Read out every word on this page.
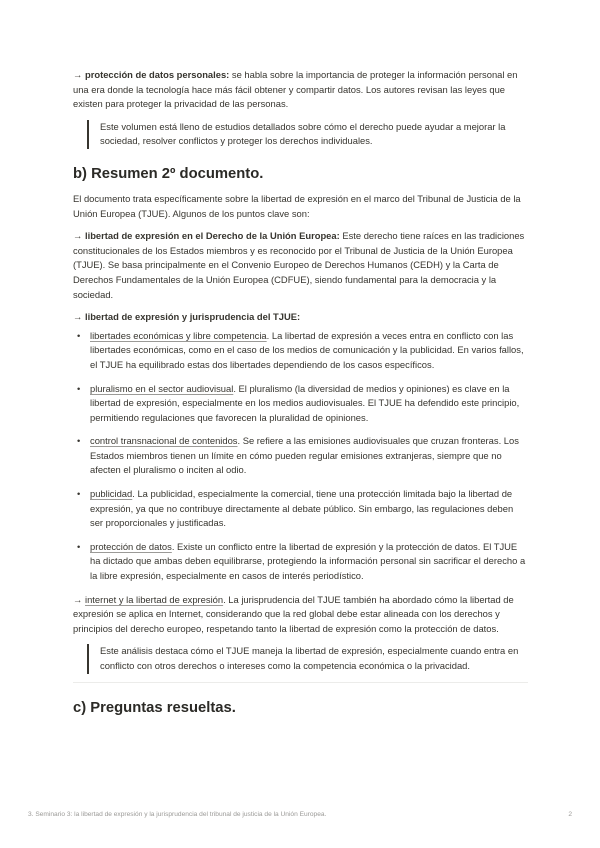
→ protección de datos personales: se habla sobre la importancia de proteger la información personal en una era donde la tecnología hace más fácil obtener y compartir datos. Los autores revisan las leyes que existen para proteger la privacidad de las personas.

Este volumen está lleno de estudios detallados sobre cómo el derecho puede ayudar a mejorar la sociedad, resolver conflictos y proteger los derechos individuales.

b) Resumen 2º documento.

El documento trata específicamente sobre la libertad de expresión en el marco del Tribunal de Justicia de la Unión Europea (TJUE). Algunos de los puntos clave son:

→ libertad de expresión en el Derecho de la Unión Europea: Este derecho tiene raíces en las tradiciones constitucionales de los Estados miembros y es reconocido por el Tribunal de Justicia de la Unión Europea (TJUE). Se basa principalmente en el Convenio Europeo de Derechos Humanos (CEDH) y la Carta de Derechos Fundamentales de la Unión Europea (CDFUE), siendo fundamental para la democracia y la sociedad.

→ libertad de expresión y jurisprudencia del TJUE:

• libertades económicas y libre competencia. La libertad de expresión a veces entra en conflicto con las libertades económicas, como en el caso de los medios de comunicación y la publicidad. En varios fallos, el TJUE ha equilibrado estas dos libertades dependiendo de los casos específicos.
• pluralismo en el sector audiovisual. El pluralismo (la diversidad de medios y opiniones) es clave en la libertad de expresión, especialmente en los medios audiovisuales. El TJUE ha defendido este principio, permitiendo regulaciones que favorecen la pluralidad de opiniones.
• control transnacional de contenidos. Se refiere a las emisiones audiovisuales que cruzan fronteras. Los Estados miembros tienen un límite en cómo pueden regular emisiones extranjeras, siempre que no afecten el pluralismo o inciten al odio.
• publicidad. La publicidad, especialmente la comercial, tiene una protección limitada bajo la libertad de expresión, ya que no contribuye directamente al debate público. Sin embargo, las regulaciones deben ser proporcionales y justificadas.
• protección de datos. Existe un conflicto entre la libertad de expresión y la protección de datos. El TJUE ha dictado que ambas deben equilibrarse, protegiendo la información personal sin sacrificar el derecho a la libre expresión, especialmente en casos de interés periodístico.

→ internet y la libertad de expresión. La jurisprudencia del TJUE también ha abordado cómo la libertad de expresión se aplica en Internet, considerando que la red global debe estar alineada con los derechos y principios del derecho europeo, respetando tanto la libertad de expresión como la protección de datos.

Este análisis destaca cómo el TJUE maneja la libertad de expresión, especialmente cuando entra en conflicto con otros derechos o intereses como la competencia económica o la privacidad.

c) Preguntas resueltas.
3. Seminario 3: la libertad de expresión y la jurisprudencia del tribunal de justicia de la Unión Europea.	2
